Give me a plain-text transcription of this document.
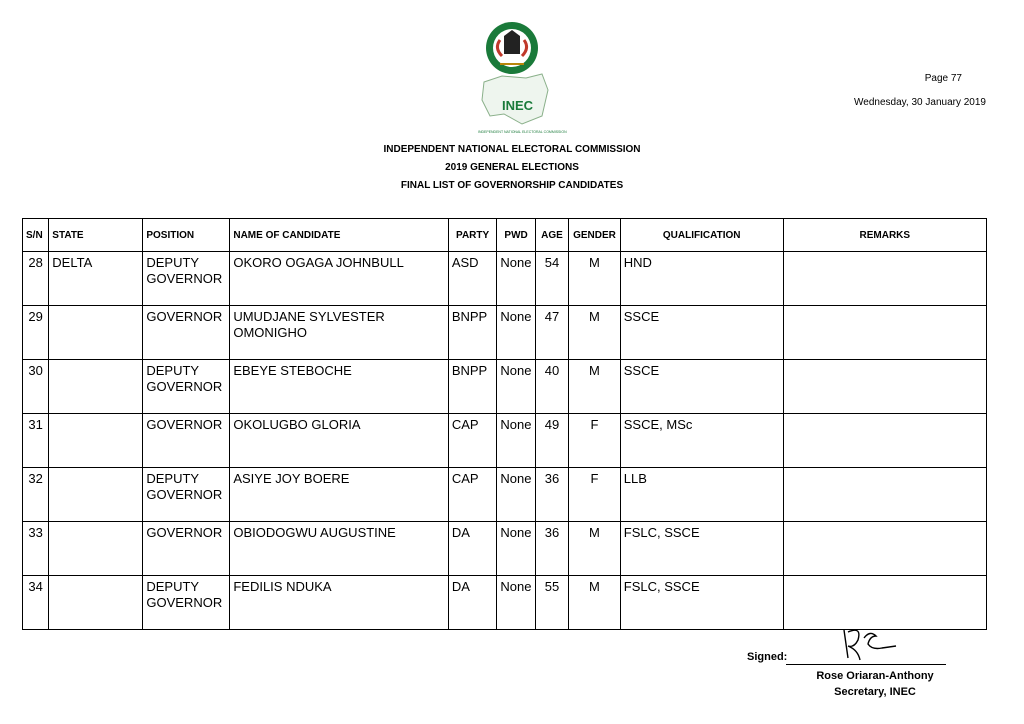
INEC
INDEPENDENT NATIONAL ELECTORAL COMMISSION
Page 77
Wednesday, 30 January 2019
INDEPENDENT NATIONAL ELECTORAL COMMISSION
2019 GENERAL ELECTIONS
FINAL LIST OF GOVERNORSHIP CANDIDATES
S/N	STATE	POSITION	NAME OF CANDIDATE	PARTY	PWD	AGE	GENDER	QUALIFICATION	REMARKS
28	DELTA	DEPUTY GOVERNOR	OKORO OGAGA JOHNBULL	ASD	None	54	M	HND	
29		GOVERNOR	UMUDJANE SYLVESTER OMONIGHO	BNPP	None	47	M	SSCE	
30		DEPUTY GOVERNOR	EBEYE STEBOCHE	BNPP	None	40	M	SSCE	
31		GOVERNOR	OKOLUGBO GLORIA	CAP	None	49	F	SSCE, MSc	
32		DEPUTY GOVERNOR	ASIYE JOY BOERE	CAP	None	36	F	LLB	
33		GOVERNOR	OBIODOGWU AUGUSTINE	DA	None	36	M	FSLC, SSCE	
34		DEPUTY GOVERNOR	FEDILIS NDUKA	DA	None	55	M	FSLC, SSCE	
Signed:
Rose Oriaran-Anthony
Secretary, INEC
